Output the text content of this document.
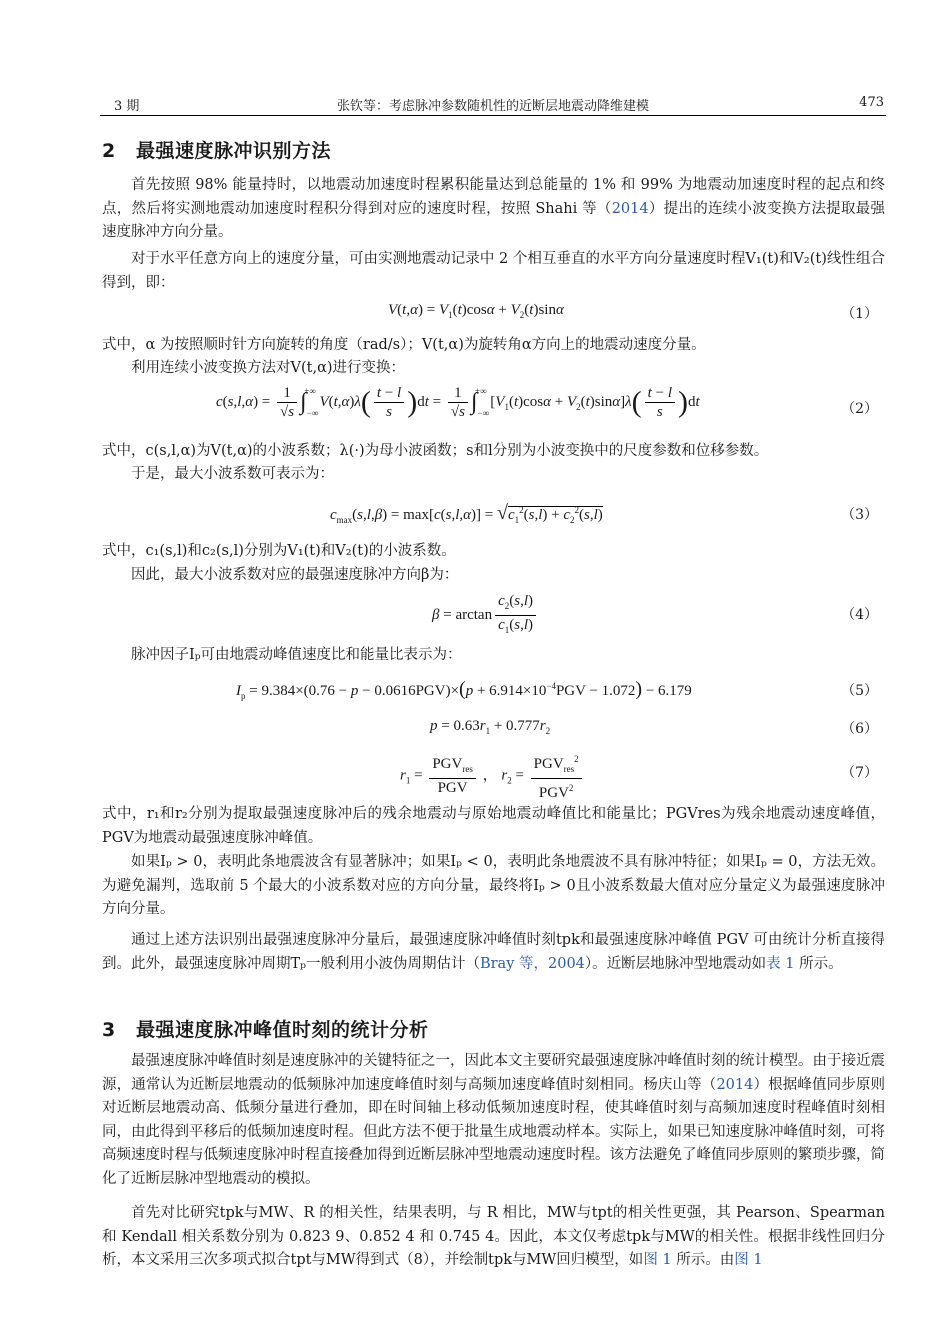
3 期	张钦等：考虑脉冲参数随机性的近断层地震动降维建模	473
2 最强速度脉冲识别方法
首先按照 98% 能量持时，以地震动加速度时程累积能量达到总能量的 1% 和 99% 为地震动加速度时程的起点和终点，然后将实测地震动加速度时程积分得到对应的速度时程，按照 Shahi 等（2014）提出的连续小波变换方法提取最强速度脉冲方向分量。
对于水平任意方向上的速度分量，可由实测地震动记录中 2 个相互垂直的水平方向分量速度时程V₁(t)和V₂(t)线性组合得到，即：
$V(t,\alpha) = V_1(t)\cos\alpha + V_2(t)\sin\alpha$	（1）
式中，α 为按照顺时针方向旋转的角度（rad/s）；V(t,α)为旋转角α方向上的地震动速度分量。
利用连续小波变换方法对V(t,α)进行变换：
$c(s,l,\alpha) = \frac{1}{√s} \int_{-\infty}^{+\infty}$ $V(t,\alpha)\lambda( \frac{t - l}{s} )dt = \frac{1}{√s} \int_{-\infty}^{+\infty}$ $[V_1(t)\cos\alpha + V_2(t)\sin\alpha]\lambda( \frac{t - l}{s} )dt$	（2）
式中，c(s,l,α)为V(t,α)的小波系数；λ(·)为母小波函数；s和l分别为小波变换中的尺度参数和位移参数。
于是，最大小波系数可表示为：
$c_{max}(s,l,\beta) = \max[c(s,l,\alpha)] = √c_1^2(s,l) + c_2^2(s,l)$	（3）
式中，c₁(s,l)和c₂(s,l)分别为V₁(t)和V₂(t)的小波系数。
因此，最大小波系数对应的最强速度脉冲方向β为：
$\beta = \arctan \frac{c_2(s,l)}{c_1(s,l)}$	（4）
脉冲因子Iₚ可由地震动峰值速度比和能量比表示为：
$I_p = 9.384\times(0.76 - p - 0.0616PGV)\times(p + 6.914\times 10^{-4}PGV - 1.072) - 6.179$	（5）
$p = 0.63r_1 + 0.777r_2$	（6）
$r_1 = \frac{PGV_{res}}{\text{PGV}}$ ， $r_2 = \frac{PGV_{res}^2}{PGV^2}$	（7）
式中，r₁和r₂分别为提取最强速度脉冲后的残余地震动与原始地震动峰值比和能量比；PGVres为残余地震动速度峰值，PGV为地震动最强速度脉冲峰值。
如果Iₚ > 0，表明此条地震波含有显著脉冲；如果Iₚ < 0，表明此条地震波不具有脉冲特征；如果Iₚ = 0，方法无效。为避免漏判，选取前 5 个最大的小波系数对应的方向分量，最终将Iₚ > 0且小波系数最大值对应分量定义为最强速度脉冲方向分量。
通过上述方法识别出最强速度脉冲分量后，最强速度脉冲峰值时刻tpk和最强速度脉冲峰值 PGV 可由统计分析直接得到。此外，最强速度脉冲周期Tₚ一般利用小波伪周期估计（Bray 等，2004）。近断层地脉冲型地震动如表 1 所示。
3 最强速度脉冲峰值时刻的统计分析
最强速度脉冲峰值时刻是速度脉冲的关键特征之一，因此本文主要研究最强速度脉冲峰值时刻的统计模型。由于接近震源，通常认为近断层地震动的低频脉冲加速度峰值时刻与高频加速度峰值时刻相同。杨庆山等（2014）根据峰值同步原则对近断层地震动高、低频分量进行叠加，即在时间轴上移动低频加速度时程，使其峰值时刻与高频加速度时程峰值时刻相同，由此得到平移后的低频加速度时程。但此方法不便于批量生成地震动样本。实际上，如果已知速度脉冲峰值时刻，可将高频速度时程与低频速度脉冲时程直接叠加得到近断层脉冲型地震动速度时程。该方法避免了峰值同步原则的繁琐步骤，简化了近断层脉冲型地震动的模拟。
首先对比研究tpk与MW、R 的相关性，结果表明，与 R 相比，MW与tpt的相关性更强，其 Pearson、Spearman 和 Kendall 相关系数分别为 0.823 9、0.852 4 和 0.745 4。因此，本文仅考虑tpk与MW的相关性。根据非线性回归分析，本文采用三次多项式拟合tpt与MW得到式（8），并绘制tpk与MW回归模型，如图 1 所示。由图 1
